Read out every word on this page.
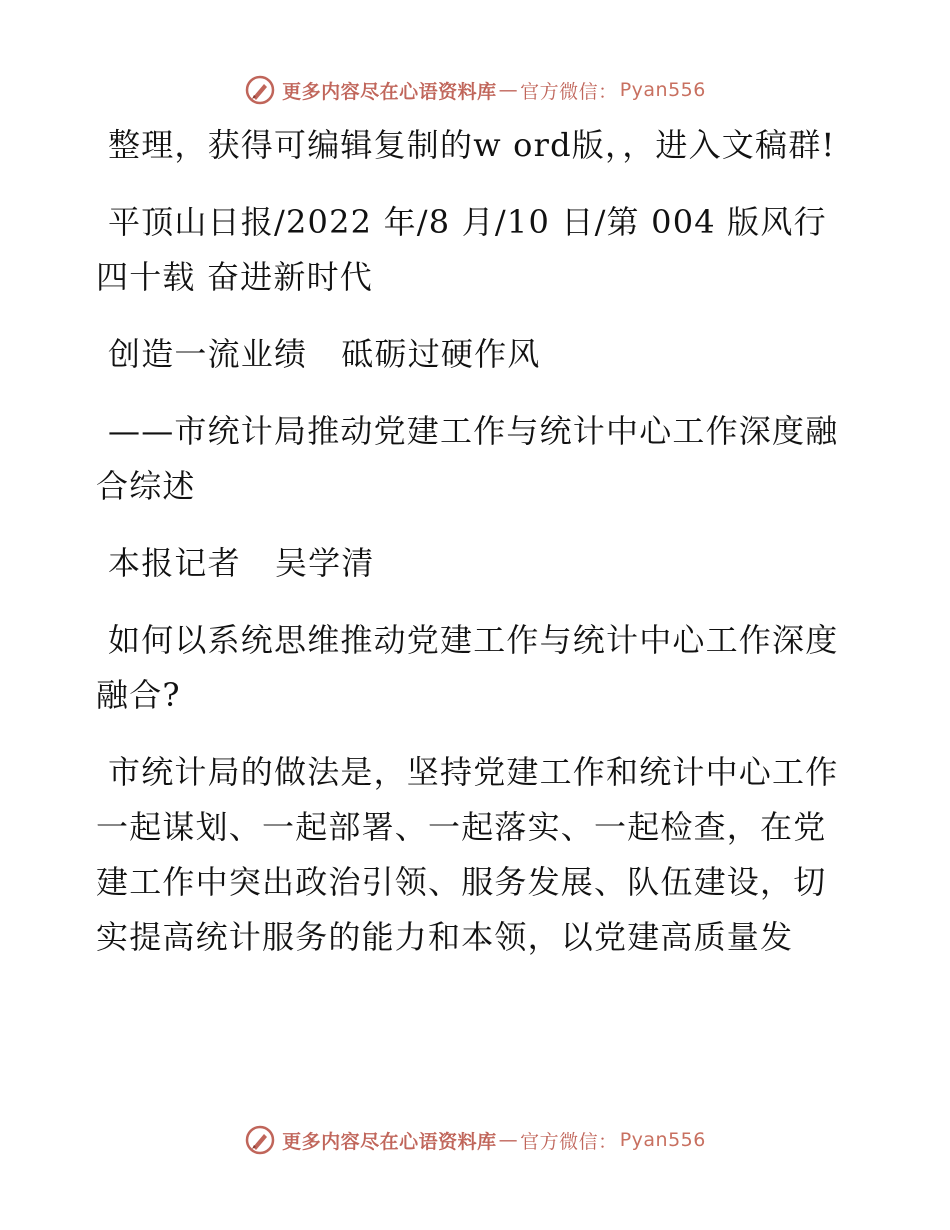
更多内容尽在心语资料库 — 官方微信： Pyan556

整理，获得可编辑复制的w ord版，，进入文稿群!

平顶山日报/2022 年/8 月/10 日/第 004 版风行四十载 奋进新时代

创造一流业绩   砥砺过硬作风

——市统计局推动党建工作与统计中心工作深度融合综述

本报记者   吴学清

如何以系统思维推动党建工作与统计中心工作深度融合?

市统计局的做法是，坚持党建工作和统计中心工作一起谋划、一起部署、一起落实、一起检查，在党建工作中突出政治引领、服务发展、队伍建设，切实提高统计服务的能力和本领，以党建高质量发

更多内容尽在心语资料库 — 官方微信： Pyan556
